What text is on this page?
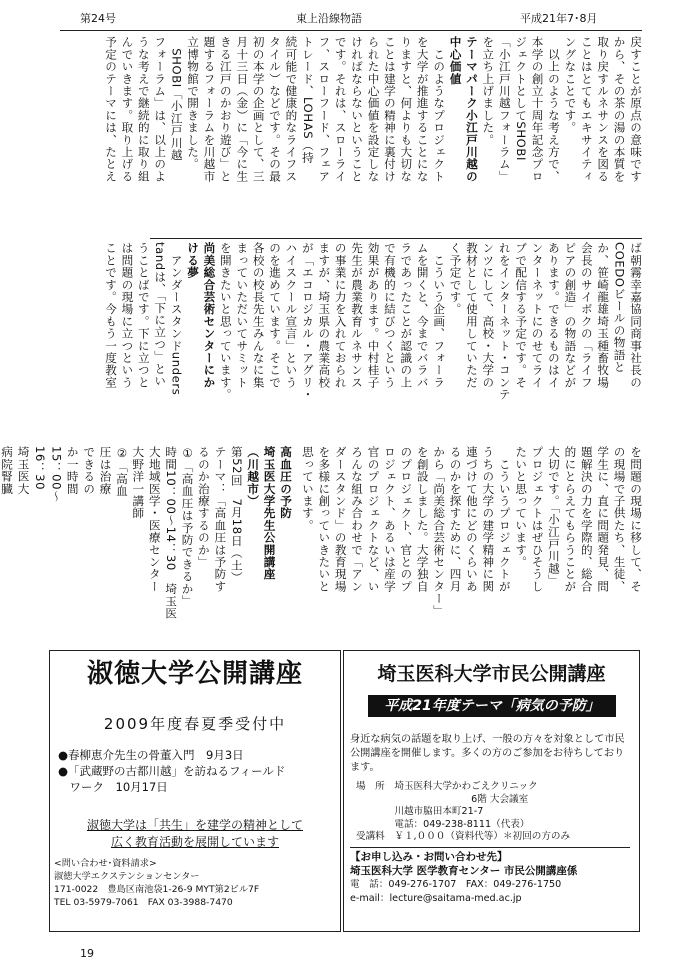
第24号	東上沿線物語	平成21年7･8月
戻すことが原点の意味です
から、その茶の湯の本質を
取り戻すルネサンスを図る
ことはとてもエキサイティ
ングなことです。
　以上のような考え方で、
本学の創立十周年記念プロ
ジェクトとしてSHOBI
「小江戸川越フォーラム」
を立ち上げました。
テーマパーク小江戸川越の
中心価値
　このようなプロジェクト
を大学が推進することにな
りますと、何よりも大切な
ことは建学の精神に裏付け
られた中心価値を設定しな
ければならないということ
です。それは、スローライ
フ、スローフード、フェア
トレード、LOHAS（持
続可能で健康的なライフス
タイル）などです。その最
初の本学の企画として、三
月十三日（金）に「今に生
きる江戸のかおり遊び」と
題するフォーラムを川越市
立博物館で開きました。
　SHOBI「小江戸川越
フォーラム」は、以上のよ
うな考えで継続的に取り組
んでいきます。取り上げる
予定のテーマには、たとえ
ば朝霧幸嘉協同商事社長の
COEDOビールの物語と
か、笹崎龍雄埼玉種畜牧場
会長のサイボクの「ライフ
ピアの創造」の物語などが
あります。できるものはイ
ンターネットにのせてライ
ブで配信する予定です。そ
れをインターネット・コンテ
ンツにして、高校・大学の
教材として使用していただ
く予定です。
　こういう企画、フォーラ
ムを開くと、今までバラバ
ラであったことが認識の上
で有機的に結びつくという
効果があります。中村桂子
先生が農業教育ルネサンス
の事業に力を入れておられ
ますが、埼玉県の農業高校
が「エコロジカル・アグリ・
ハイスクール宣言」という
のを進めています。そこで
各校の校長先生みんなに集
まっていただいてサミット
を開きたいと思っています。
尚美総合芸術センターにか
ける夢
　アンダースタンドunders
tandは、「下に立つ」とい
うことばです。下に立つと
は問題の現場に立つという
ことです。今もう一度教室
を問題の現場に移して、そ
の現場で子供たち、生徒、
学生に、直に問題発見、問
題解決の力を学際的、総合
的にとらえてもらうことが
大切です。「小江戸川越」
プロジェクトはぜひそうし
たいと思っています。
　こういうプロジェクトが
うちの大学の建学精神に関
連づけて他にどのくらいあ
るのかを探すために、四月
から「尚美総合芸術センター」
を創設しました。大学独自
のプロジェクト、官とのプ
ロジェクト、あるいは産学
官のプロジェクトなど、い
ろんな組み合わせで「アン
ダースタンド」の教育現場
を多様に創っていきたいと
思っています。

高血圧の予防

埼玉医大学先生公開講座

（川越市）

第52回　7月18日（土）

テーマ：「高血圧は予防す

るのか治療するのか」

①「高血圧は予防できるか」

時間10：00〜14：30　埼玉医

大地域医学・医療センター

大野洋一講師

②「高血

圧は治療

できるの

か一時間

15：00〜

16：30　

埼玉医大

病院腎臓

淑徳大学公開講座
2009年度春夏季受付中
●春柳恵介先生の骨董入門　9月3日
●「武蔵野の古都川越」を訪ねるフィールド
　ワーク　10月17日
淑徳大学は「共生」を建学の精神として
広く教育活動を展開しています
<問い合わせ･資料請求>
淑徳大学エクステンションセンター
171-0022　豊島区南池袋1-26-9 MYT第2ビル7F
TEL 03-5979-7061　FAX 03-3988-7470
埼玉医科大学市民公開講座
平成21年度テーマ「病気の予防」
身近な病気の話題を取り上げ、一般の方々を対象として市民公開講座を開催します。多くの方のご参加をお待ちしております。
場　所　埼玉医科大学かわごえクリニック
　　　　　　　　　　　　6階 大会議室
　　　　川越市脇田本町21-7
　　　　電話：049-238-8111（代表）
受講料　￥１,０００（資料代等）＊初回の方のみ
【お申し込み・お問い合わせ先】
埼玉医科大学 医学教育センター 市民公開講座係
電　話：049-276-1707　FAX：049-276-1750
e-mail：lecture@saitama-med.ac.jp
19
